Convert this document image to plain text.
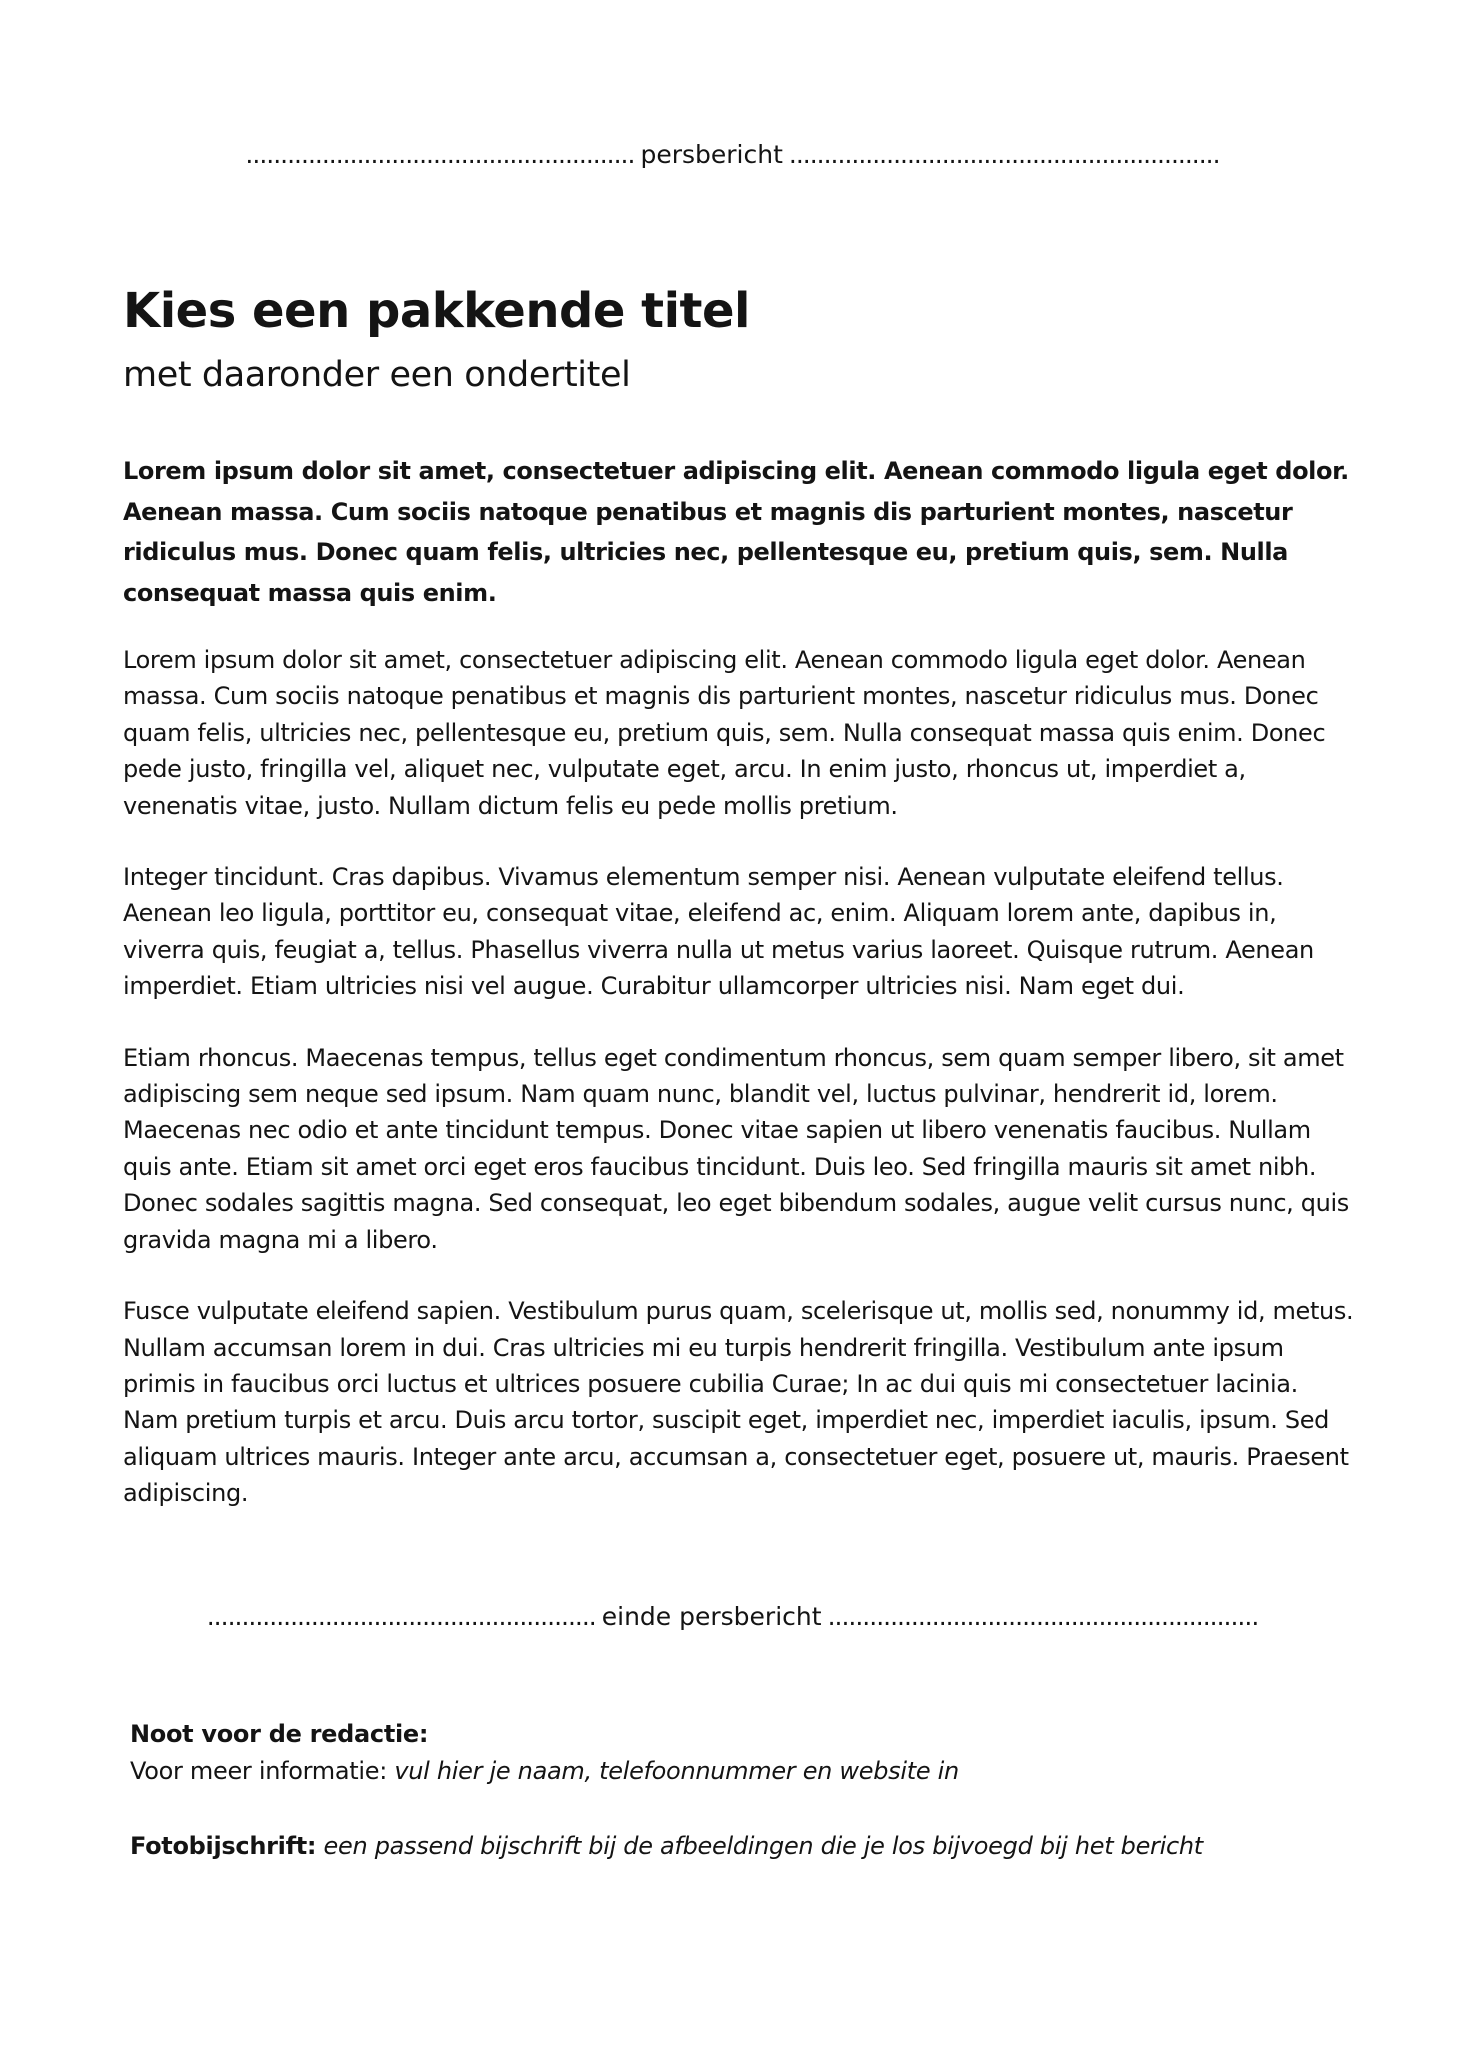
........................................................ persbericht ..............................................................
Kies een pakkende titel
met daaronder een ondertitel

Lorem ipsum dolor sit amet, consectetuer adipiscing elit. Aenean commodo ligula eget dolor. Aenean massa. Cum sociis natoque penatibus et magnis dis parturient montes, nascetur ridiculus mus. Donec quam felis, ultricies nec, pellentesque eu, pretium quis, sem. Nulla consequat massa quis enim.

Lorem ipsum dolor sit amet, consectetuer adipiscing elit. Aenean commodo ligula eget dolor. Aenean massa. Cum sociis natoque penatibus et magnis dis parturient montes, nascetur ridiculus mus. Donec quam felis, ultricies nec, pellentesque eu, pretium quis, sem. Nulla consequat massa quis enim. Donec pede justo, fringilla vel, aliquet nec, vulputate eget, arcu. In enim justo, rhoncus ut, imperdiet a, venenatis vitae, justo. Nullam dictum felis eu pede mollis pretium.

Integer tincidunt. Cras dapibus. Vivamus elementum semper nisi. Aenean vulputate eleifend tellus. Aenean leo ligula, porttitor eu, consequat vitae, eleifend ac, enim. Aliquam lorem ante, dapibus in, viverra quis, feugiat a, tellus. Phasellus viverra nulla ut metus varius laoreet. Quisque rutrum. Aenean imperdiet. Etiam ultricies nisi vel augue. Curabitur ullamcorper ultricies nisi. Nam eget dui.

Etiam rhoncus. Maecenas tempus, tellus eget condimentum rhoncus, sem quam semper libero, sit amet adipiscing sem neque sed ipsum. Nam quam nunc, blandit vel, luctus pulvinar, hendrerit id, lorem. Maecenas nec odio et ante tincidunt tempus. Donec vitae sapien ut libero venenatis faucibus. Nullam quis ante. Etiam sit amet orci eget eros faucibus tincidunt. Duis leo. Sed fringilla mauris sit amet nibh. Donec sodales sagittis magna. Sed consequat, leo eget bibendum sodales, augue velit cursus nunc, quis gravida magna mi a libero.

Fusce vulputate eleifend sapien. Vestibulum purus quam, scelerisque ut, mollis sed, nonummy id, metus. Nullam accumsan lorem in dui. Cras ultricies mi eu turpis hendrerit fringilla. Vestibulum ante ipsum primis in faucibus orci luctus et ultrices posuere cubilia Curae; In ac dui quis mi consectetuer lacinia.

Nam pretium turpis et arcu. Duis arcu tortor, suscipit eget, imperdiet nec, imperdiet iaculis, ipsum. Sed aliquam ultrices mauris. Integer ante arcu, accumsan a, consectetuer eget, posuere ut, mauris. Praesent adipiscing.

........................................................ einde persbericht ..............................................................
Noot voor de redactie:
Voor meer informatie: vul hier je naam, telefoonnummer en website in
Fotobijschrift: een passend bijschrift bij de afbeeldingen die je los bijvoegd bij het bericht
